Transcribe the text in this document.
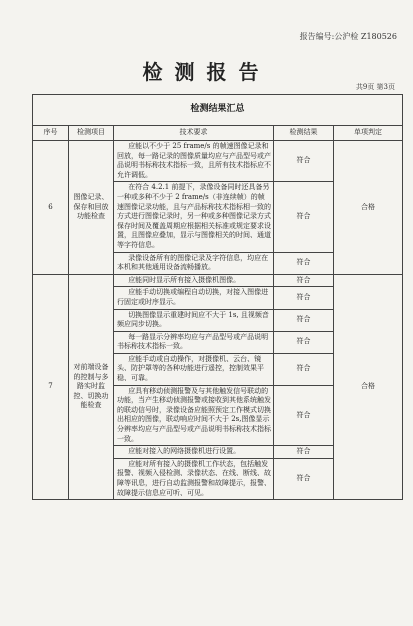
报告编号:公沪检 Z180526
检测报告
共9页 第3页
检测结果汇总				
序号	检测项目	技术要求	检测结果	单项判定
6	图像记录、保存和回放功能检查	应能以不少于 25 frame/s 的帧速图像记录和回放，每一路记录的图像质量均应与产品型号或产品说明书标称技术指标一致，且所有技术指标应不允许调低。	符合	合格
		在符合 4.2.1 前提下，录像设备同时还具备另一种或多种不少于 2 frame/s（非连续帧）的帧速图像记录功能，且与产品标称技术指标相一致的方式进行图像记录时，另一种或多种图像记录方式保存时间及覆盖周期应根据相关标准或规定要求设置，且图像应叠加，显示与图像相关的时间、通道等字符信息。	符合	
		录像设备所有的图像记录及字符信息，均应在本机和其他通用设备流畅播放。	符合	
7	对前端设备的控制与多路实时监控、切换功能检查	应能同时显示所有接入摄像机图像。	符合	合格
		应能手动切换或编程自动切换，对接入图像进行固定或时序显示。	符合	
		切换图像显示重建时间应不大于 1s, 且视频音频应同步切换。	符合	
		每一路显示分辨率均应与产品型号或产品说明书标称技术指标一致。	符合	
		应能手动或自动操作，对摄像机、云台、镜头、防护罩等的各种功能进行遥控，控制效果平稳、可靠。	符合	
		应具有移动侦测报警及与其他触发信号联动的功能，当产生移动侦测报警或接收到其他系统触发的联动信号时，录像设备应能照预定工作模式切换出相应的图像，联动响应时间不大于 2s,图像显示分辨率均应与产品型号或产品说明书标称技术指标一致。	符合	
		应能对接入的网络摄像机进行设置。	符合	
		应能对所有接入的摄像机工作状态，包括触发报警、视频入侵检测、录像状态、在线、断线、故障等讯息，进行自动监测报警和故障提示，报警、故障提示信息应可听、可见。	符合	
